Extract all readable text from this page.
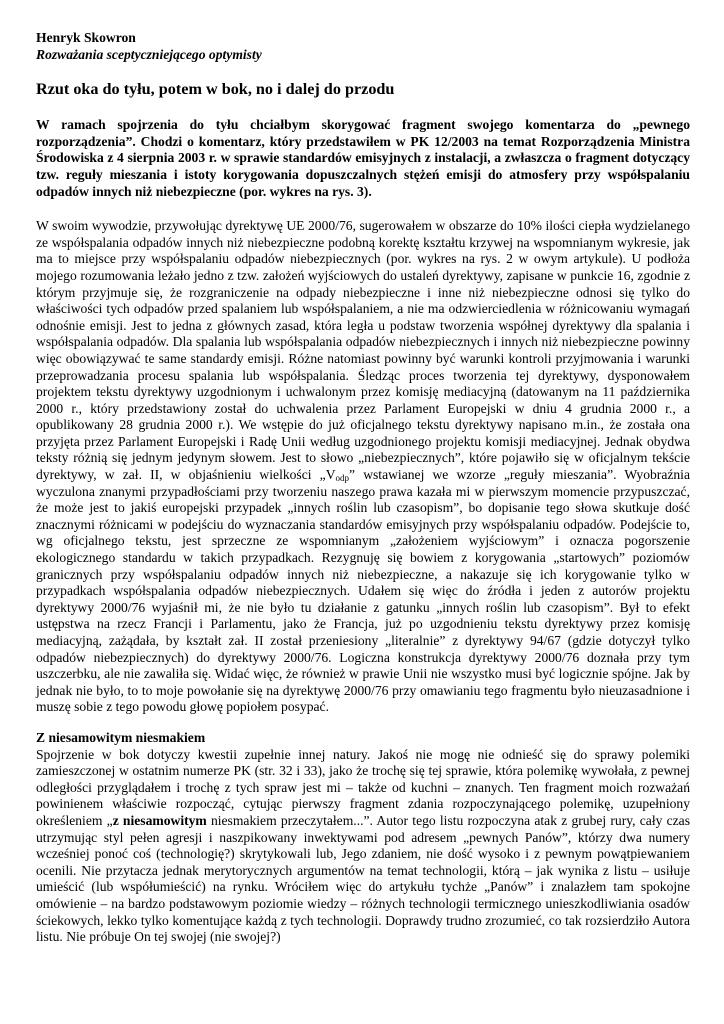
Henryk Skowron
Rozważania sceptyczniejącego optymisty
Rzut oka do tyłu, potem w bok, no i dalej do przodu

W ramach spojrzenia do tyłu chciałbym skorygować fragment swojego komentarza do „pewnego rozporządzenia”. Chodzi o komentarz, który przedstawiłem w PK 12/2003 na temat Rozporządzenia Ministra Środowiska z 4 sierpnia 2003 r. w sprawie standardów emisyjnych z instalacji, a zwłaszcza o fragment dotyczący tzw. reguły mieszania i istoty korygowania dopuszczalnych stężeń emisji do atmosfery przy współspalaniu odpadów innych niż niebezpieczne (por. wykres na rys. 3).

W swoim wywodzie, przywołując dyrektywę UE 2000/76, sugerowałem w obszarze do 10% ilości ciepła wydzielanego ze współspalania odpadów innych niż niebezpieczne podobną korektę kształtu krzywej na wspomnianym wykresie, jak ma to miejsce przy współspalaniu odpadów niebezpiecznych (por. wykres na rys. 2 w owym artykule). U podłoża mojego rozumowania leżało jedno z tzw. założeń wyjściowych do ustaleń dyrektywy, zapisane w punkcie 16, zgodnie z którym przyjmuje się, że rozgraniczenie na odpady niebezpieczne i inne niż niebezpieczne odnosi się tylko do właściwości tych odpadów przed spalaniem lub współspalaniem, a nie ma odzwierciedlenia w różnicowaniu wymagań odnośnie emisji. Jest to jedna z głównych zasad, która legła u podstaw tworzenia współnej dyrektywy dla spalania i współspalania odpadów. Dla spalania lub współspalania odpadów niebezpiecznych i innych niż niebezpieczne powinny więc obowiązywać te same standardy emisji. Różne natomiast powinny być warunki kontroli przyjmowania i warunki przeprowadzania procesu spalania lub współspalania. Śledząc proces tworzenia tej dyrektywy, dysponowałem projektem tekstu dyrektywy uzgodnionym i uchwalonym przez komisję mediacyjną (datowanym na 11 października 2000 r., który przedstawiony został do uchwalenia przez Parlament Europejski w dniu 4 grudnia 2000 r., a opublikowany 28 grudnia 2000 r.). We wstępie do już oficjalnego tekstu dyrektywy napisano m.in., że została ona przyjęta przez Parlament Europejski i Radę Unii według uzgodnionego projektu komisji mediacyjnej. Jednak obydwa teksty różnią się jednym jedynym słowem. Jest to słowo „niebezpiecznych”, które pojawiło się w oficjalnym tekście dyrektywy, w zał. II, w objaśnieniu wielkości $„V_{odp}$” wstawianej we wzorze „reguły mieszania”. Wyobraźnia wyczulona znanymi przypadłościami przy tworzeniu naszego prawa kazała mi w pierwszym momencie przypuszczać, że może jest to jakiś europejski przypadek „innych roślin lub czasopism”, bo dopisanie tego słowa skutkuje dość znacznymi różnicami w podejściu do wyznaczania standardów emisyjnych przy współspalaniu odpadów. Podejście to, wg oficjalnego tekstu, jest sprzeczne ze wspomnianym „założeniem wyjściowym” i oznacza pogorszenie ekologicznego standardu w takich przypadkach. Rezygnuję się bowiem z korygowania „startowych” poziomów granicznych przy współspalaniu odpadów innych niż niebezpieczne, a nakazuje się ich korygowanie tylko w przypadkach współspalania odpadów niebezpiecznych. Udałem się więc do źródła i jeden z autorów projektu dyrektywy 2000/76 wyjaśnił mi, że nie było tu działanie z gatunku „innych roślin lub czasopism”. Był to efekt ustępstwa na rzecz Francji i Parlamentu, jako że Francja, już po uzgodnieniu tekstu dyrektywy przez komisję mediacyjną, zażądała, by kształt zał. II został przeniesiony „literalnie” z dyrektywy 94/67 (gdzie dotyczył tylko odpadów niebezpiecznych) do dyrektywy 2000/76. Logiczna konstrukcja dyrektywy 2000/76 doznała przy tym uszczerbku, ale nie zawaliła się. Widać więc, że również w prawie Unii nie wszystko musi być logicznie spójne. Jak by jednak nie było, to to moje powołanie się na dyrektywę 2000/76 przy omawianiu tego fragmentu było nieuzasadnione i muszę sobie z tego powodu głowę popiołem posypać.

Z niesamowitym niesmakiem

Spojrzenie w bok dotyczy kwestii zupełnie innej natury. Jakoś nie mogę nie odnieść się do sprawy polemiki zamieszczonej w ostatnim numerze PK (str. 32 i 33), jako że trochę się tej sprawie, która polemikę wywołała, z pewnej odległości przyglądałem i trochę z tych spraw jest mi – także od kuchni – znanych. Ten fragment moich rozważań powinienem właściwie rozpocząć, cytując pierwszy fragment zdania rozpoczynającego polemikę, uzupełniony określeniem „z niesamowitym niesmakiem przeczytałem...”. Autor tego listu rozpoczyna atak z grubej rury, cały czas utrzymując styl pełen agresji i naszpikowany inwektywami pod adresem „pewnych Panów”, którzy dwa numery wcześniej ponoć coś (technologię?) skrytykowali lub, Jego zdaniem, nie dość wysoko i z pewnym powątpiewaniem ocenili. Nie przytacza jednak merytorycznych argumentów na temat technologii, którą – jak wynika z listu – usiłuje umieścić (lub współumieścić) na rynku. Wróciłem więc do artykułu tychże „Panów” i znalazłem tam spokojne omówienie – na bardzo podstawowym poziomie wiedzy – różnych technologii termicznego unieszkodliwiania osadów ściekowych, lekko tylko komentujące każdą z tych technologii. Doprawdy trudno zrozumieć, co tak rozsierdziło Autora listu. Nie próbuje On tej swojej (nie swojej?)
